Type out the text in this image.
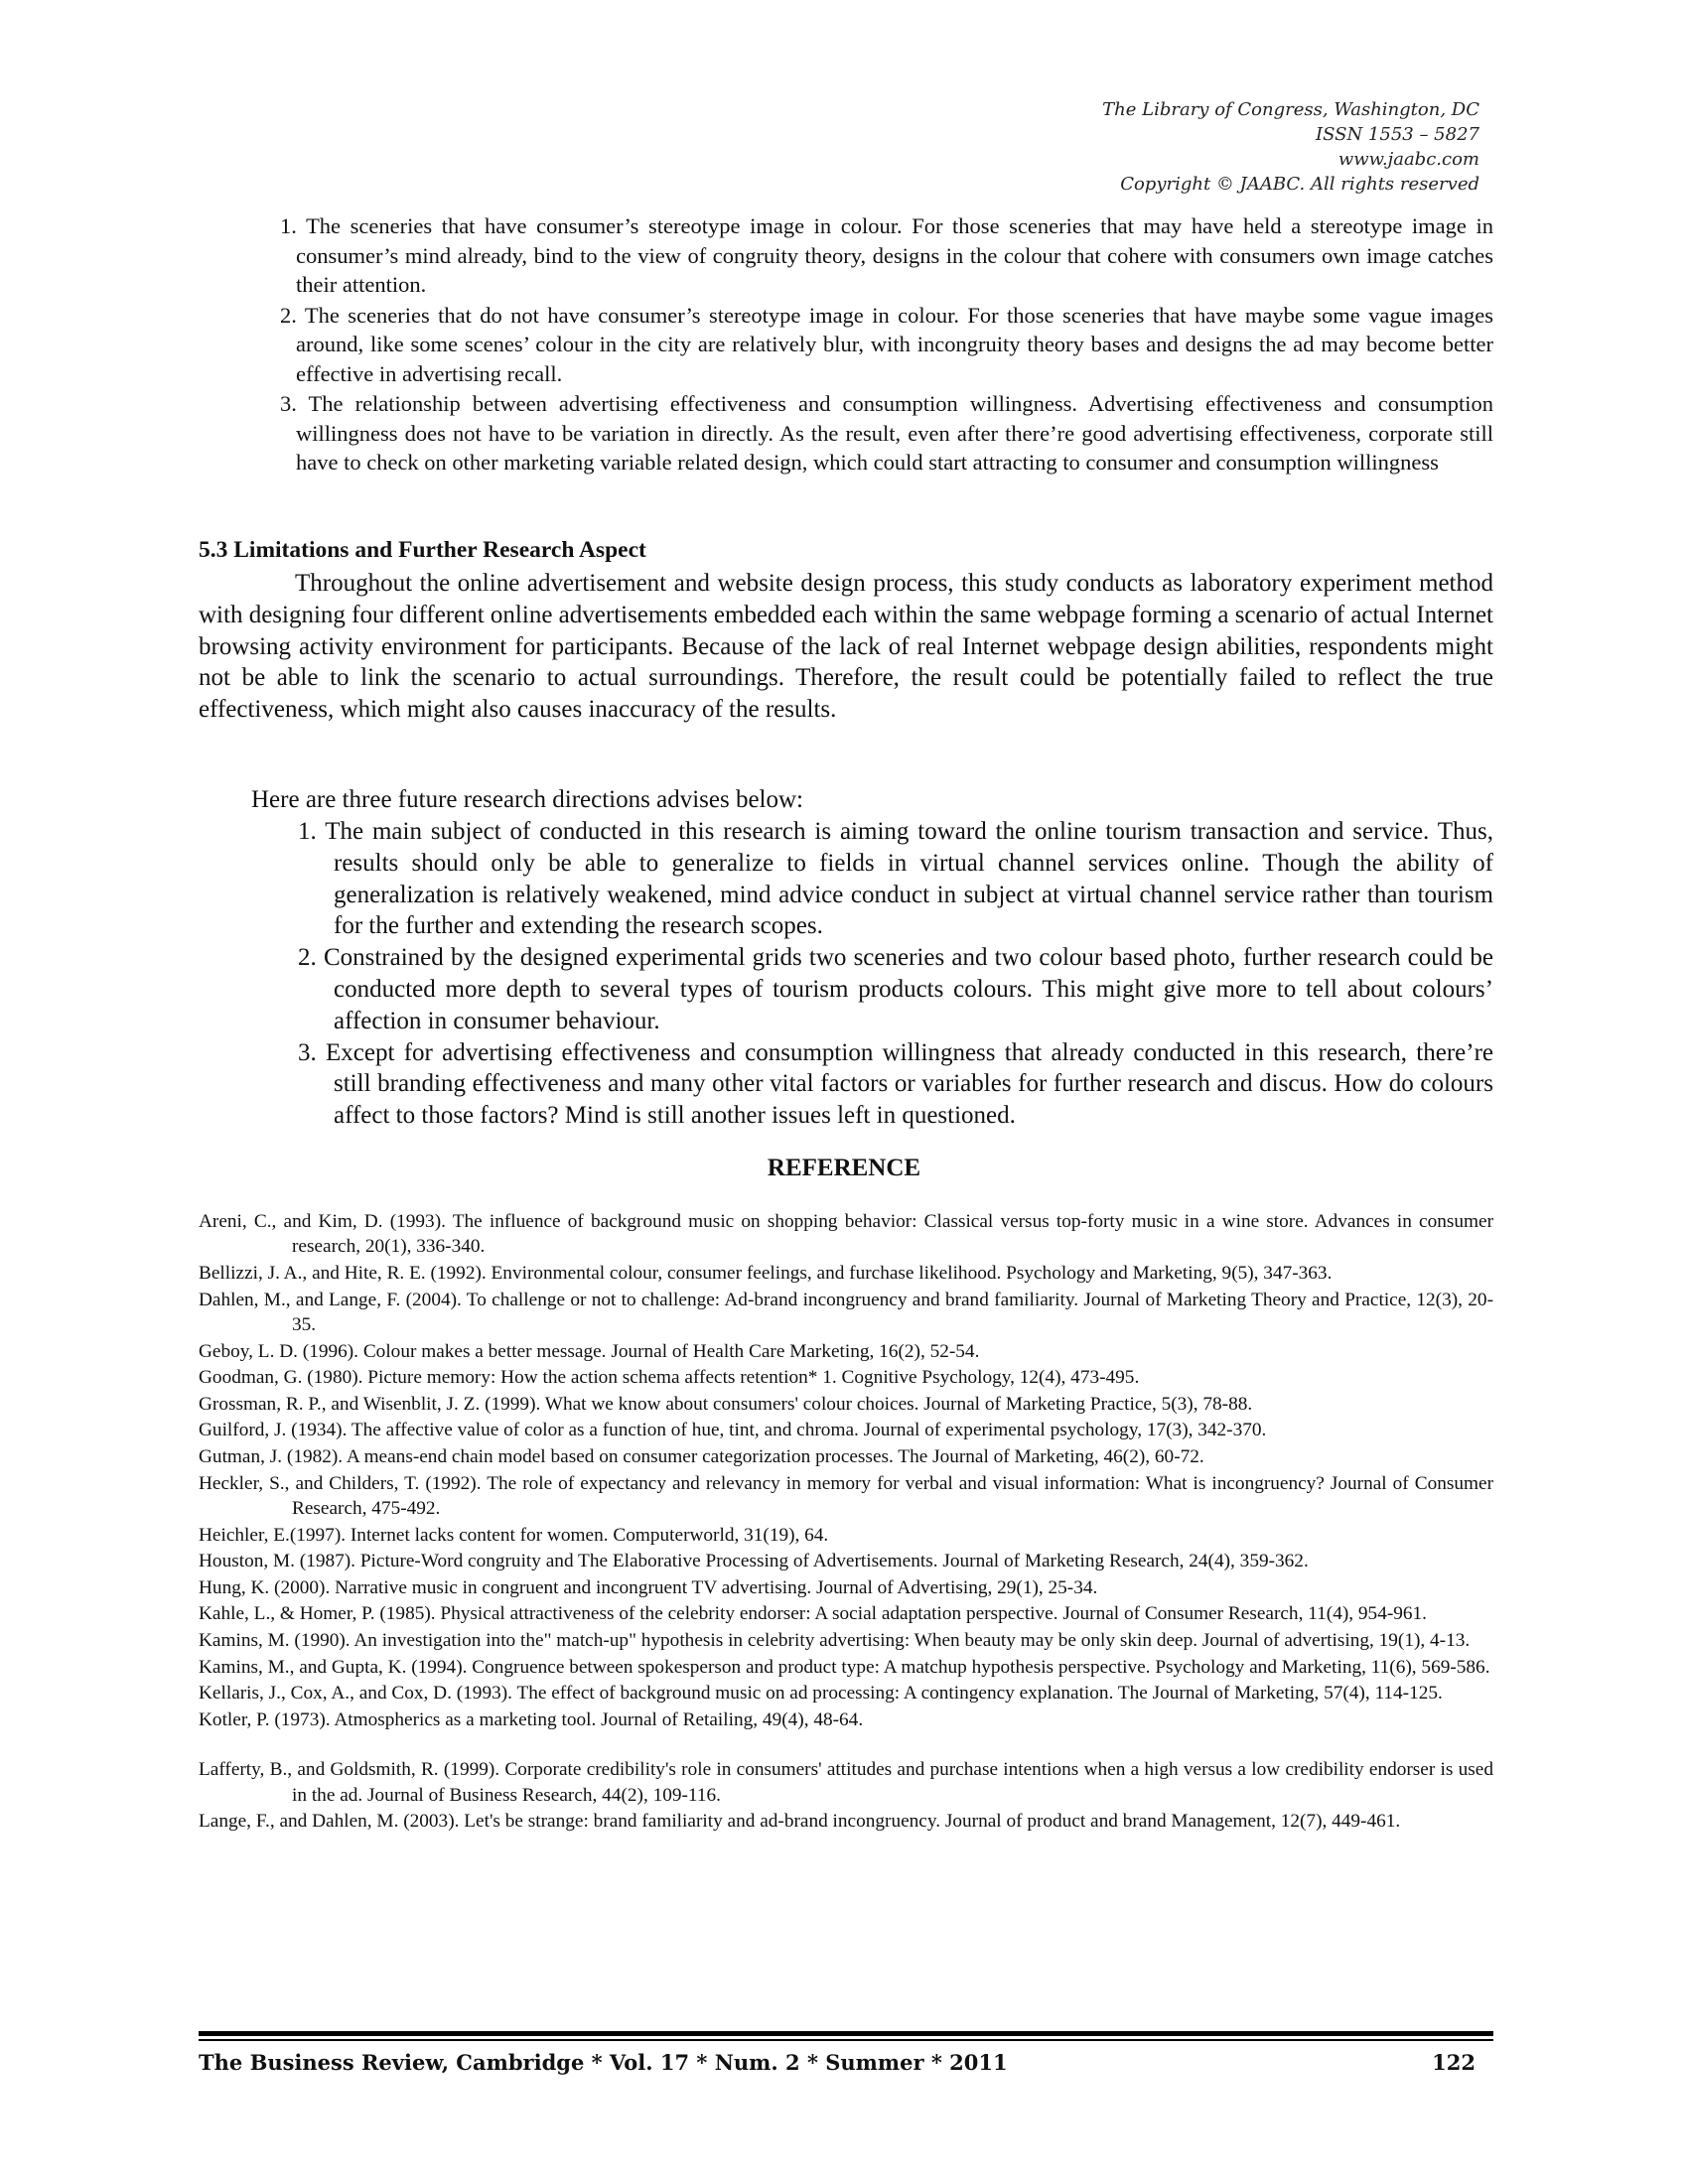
The Library of Congress, Washington, DC
ISSN 1553 – 5827
www.jaabc.com
Copyright © JAABC. All rights reserved
1. The sceneries that have consumer’s stereotype image in colour. For those sceneries that may have held a stereotype image in consumer’s mind already, bind to the view of congruity theory, designs in the colour that cohere with consumers own image catches their attention.
2. The sceneries that do not have consumer’s stereotype image in colour. For those sceneries that have maybe some vague images around, like some scenes’ colour in the city are relatively blur, with incongruity theory bases and designs the ad may become better effective in advertising recall.
3. The relationship between advertising effectiveness and consumption willingness. Advertising effectiveness and consumption willingness does not have to be variation in directly. As the result, even after there’re good advertising effectiveness, corporate still have to check on other marketing variable related design, which could start attracting to consumer and consumption willingness
5.3 Limitations and Further Research Aspect

Throughout the online advertisement and website design process, this study conducts as laboratory experiment method with designing four different online advertisements embedded each within the same webpage forming a scenario of actual Internet browsing activity environment for participants. Because of the lack of real Internet webpage design abilities, respondents might not be able to link the scenario to actual surroundings. Therefore, the result could be potentially failed to reflect the true effectiveness, which might also causes inaccuracy of the results.

Here are three future research directions advises below:

1. The main subject of conducted in this research is aiming toward the online tourism transaction and service. Thus, results should only be able to generalize to fields in virtual channel services online. Though the ability of generalization is relatively weakened, mind advice conduct in subject at virtual channel service rather than tourism for the further and extending the research scopes.
2. Constrained by the designed experimental grids two sceneries and two colour based photo, further research could be conducted more depth to several types of tourism products colours. This might give more to tell about colours’ affection in consumer behaviour.
3. Except for advertising effectiveness and consumption willingness that already conducted in this research, there’re still branding effectiveness and many other vital factors or variables for further research and discus. How do colours affect to those factors? Mind is still another issues left in questioned.
REFERENCE
Areni, C., and Kim, D. (1993). The influence of background music on shopping behavior: Classical versus top-forty music in a wine store. Advances in consumer research, 20(1), 336-340.
Bellizzi, J. A., and Hite, R. E. (1992). Environmental colour, consumer feelings, and furchase likelihood. Psychology and Marketing, 9(5), 347-363.
Dahlen, M., and Lange, F. (2004). To challenge or not to challenge: Ad-brand incongruency and brand familiarity. Journal of Marketing Theory and Practice, 12(3), 20-35.
Geboy, L. D. (1996). Colour makes a better message. Journal of Health Care Marketing, 16(2), 52-54.
Goodman, G. (1980). Picture memory: How the action schema affects retention* 1. Cognitive Psychology, 12(4), 473-495.
Grossman, R. P., and Wisenblit, J. Z. (1999). What we know about consumers' colour choices. Journal of Marketing Practice, 5(3), 78-88.
Guilford, J. (1934). The affective value of color as a function of hue, tint, and chroma. Journal of experimental psychology, 17(3), 342-370.
Gutman, J. (1982). A means-end chain model based on consumer categorization processes. The Journal of Marketing, 46(2), 60-72.
Heckler, S., and Childers, T. (1992). The role of expectancy and relevancy in memory for verbal and visual information: What is incongruency? Journal of Consumer Research, 475-492.
Heichler, E.(1997). Internet lacks content for women. Computerworld, 31(19), 64.
Houston, M. (1987). Picture-Word congruity and The Elaborative Processing of Advertisements. Journal of Marketing Research, 24(4), 359-362.
Hung, K. (2000). Narrative music in congruent and incongruent TV advertising. Journal of Advertising, 29(1), 25-34.
Kahle, L., & Homer, P. (1985). Physical attractiveness of the celebrity endorser: A social adaptation perspective. Journal of Consumer Research, 11(4), 954-961.
Kamins, M. (1990). An investigation into the" match-up" hypothesis in celebrity advertising: When beauty may be only skin deep. Journal of advertising, 19(1), 4-13.
Kamins, M., and Gupta, K. (1994). Congruence between spokesperson and product type: A matchup hypothesis perspective. Psychology and Marketing, 11(6), 569-586.
Kellaris, J., Cox, A., and Cox, D. (1993). The effect of background music on ad processing: A contingency explanation. The Journal of Marketing, 57(4), 114-125.
Kotler, P. (1973). Atmospherics as a marketing tool. Journal of Retailing, 49(4), 48-64.
Lafferty, B., and Goldsmith, R. (1999). Corporate credibility's role in consumers' attitudes and purchase intentions when a high versus a low credibility endorser is used in the ad. Journal of Business Research, 44(2), 109-116.
Lange, F., and Dahlen, M. (2003). Let's be strange: brand familiarity and ad-brand incongruency. Journal of product and brand Management, 12(7), 449-461.
The Business Review, Cambridge * Vol. 17 * Num. 2 * Summer * 2011	122
